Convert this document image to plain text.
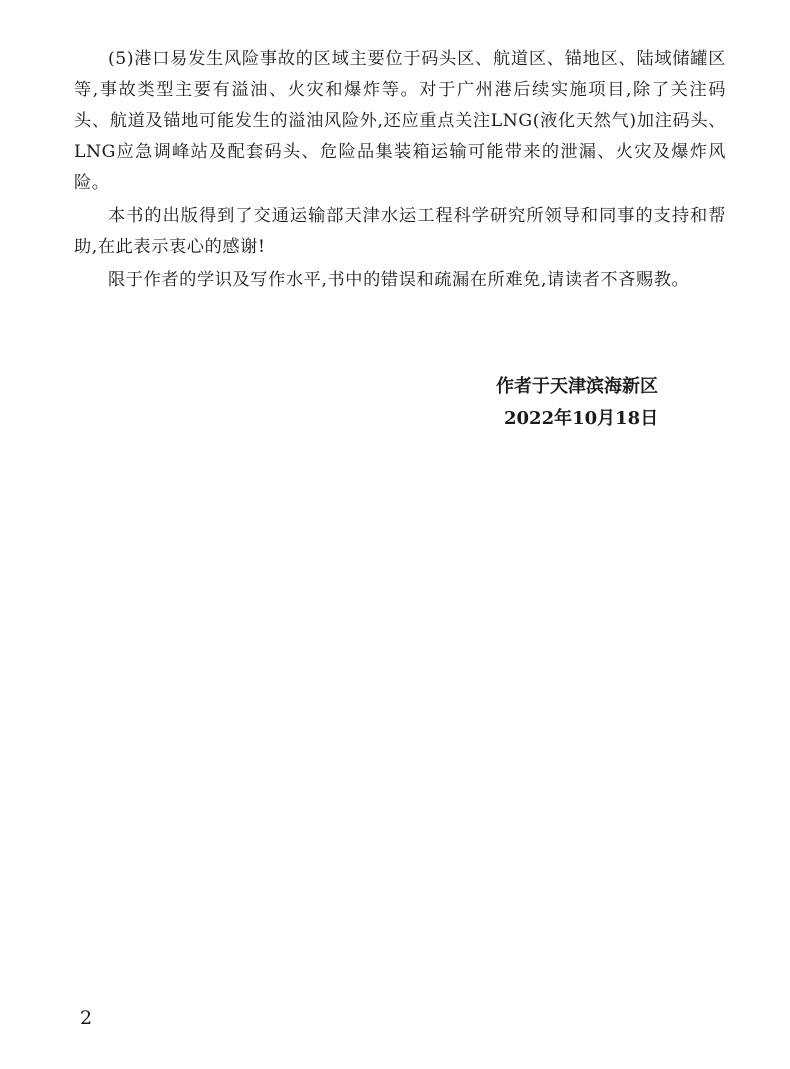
(5)港口易发生风险事故的区域主要位于码头区、航道区、锚地区、陆域储罐区等,事故类型主要有溢油、火灾和爆炸等。对于广州港后续实施项目,除了关注码头、航道及锚地可能发生的溢油风险外,还应重点关注LNG(液化天然气)加注码头、LNG应急调峰站及配套码头、危险品集装箱运输可能带来的泄漏、火灾及爆炸风险。

本书的出版得到了交通运输部天津水运工程科学研究所领导和同事的支持和帮助,在此表示衷心的感谢!

限于作者的学识及写作水平,书中的错误和疏漏在所难免,请读者不吝赐教。

作者于天津滨海新区
2022年10月18日
2
